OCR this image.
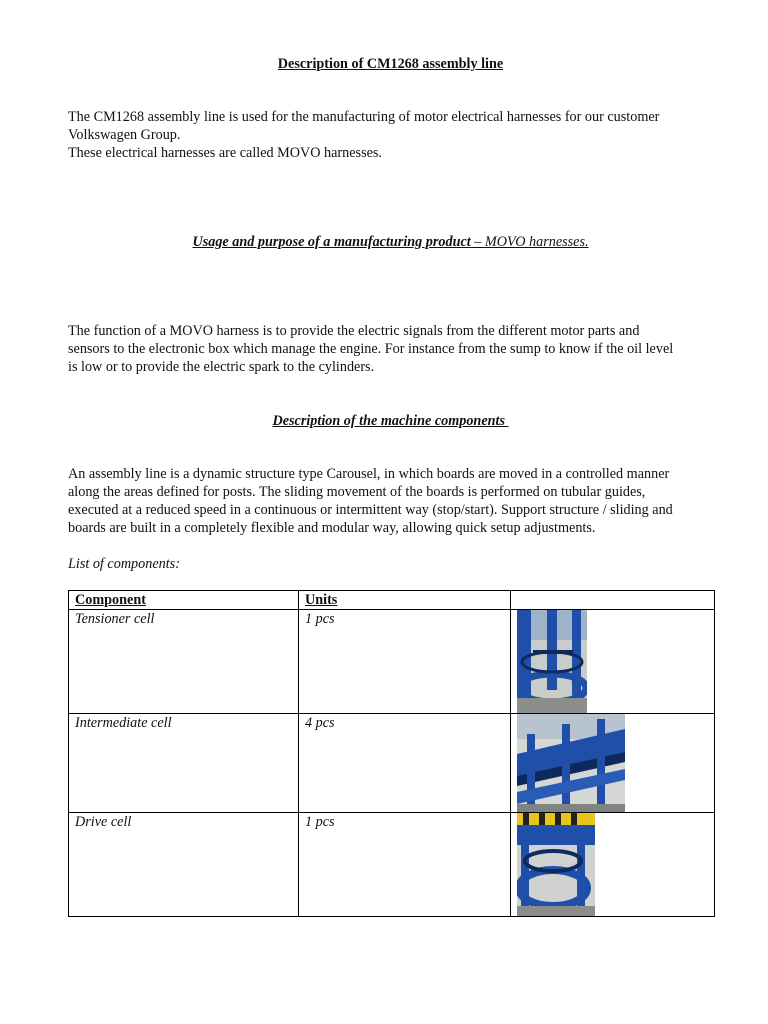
Description of CM1268 assembly line

The CM1268 assembly line is used for the manufacturing of motor electrical harnesses for our customer
Volkswagen Group.
These electrical harnesses are called MOVO harnesses.

Usage and purpose of a manufacturing product – MOVO harnesses.

The function of a MOVO harness is to provide the electric signals from the different motor parts and
sensors to the electronic box which manage the engine. For instance from the sump to know if the oil level
is low or to provide the electric spark to the cylinders.

Description of the machine components

An assembly line is a dynamic structure type Carousel, in which boards are moved in a controlled manner
along the areas defined for posts. The sliding movement of the boards is performed on tubular guides,
executed at a reduced speed in a continuous or intermittent way (stop/start). Support structure / sliding and
boards are built in a completely flexible and modular way, allowing quick setup adjustments.

List of components:
Component	Units	
Tensioner cell	1 pcs	

Intermediate cell	4 pcs	

Drive cell	1 pcs	
